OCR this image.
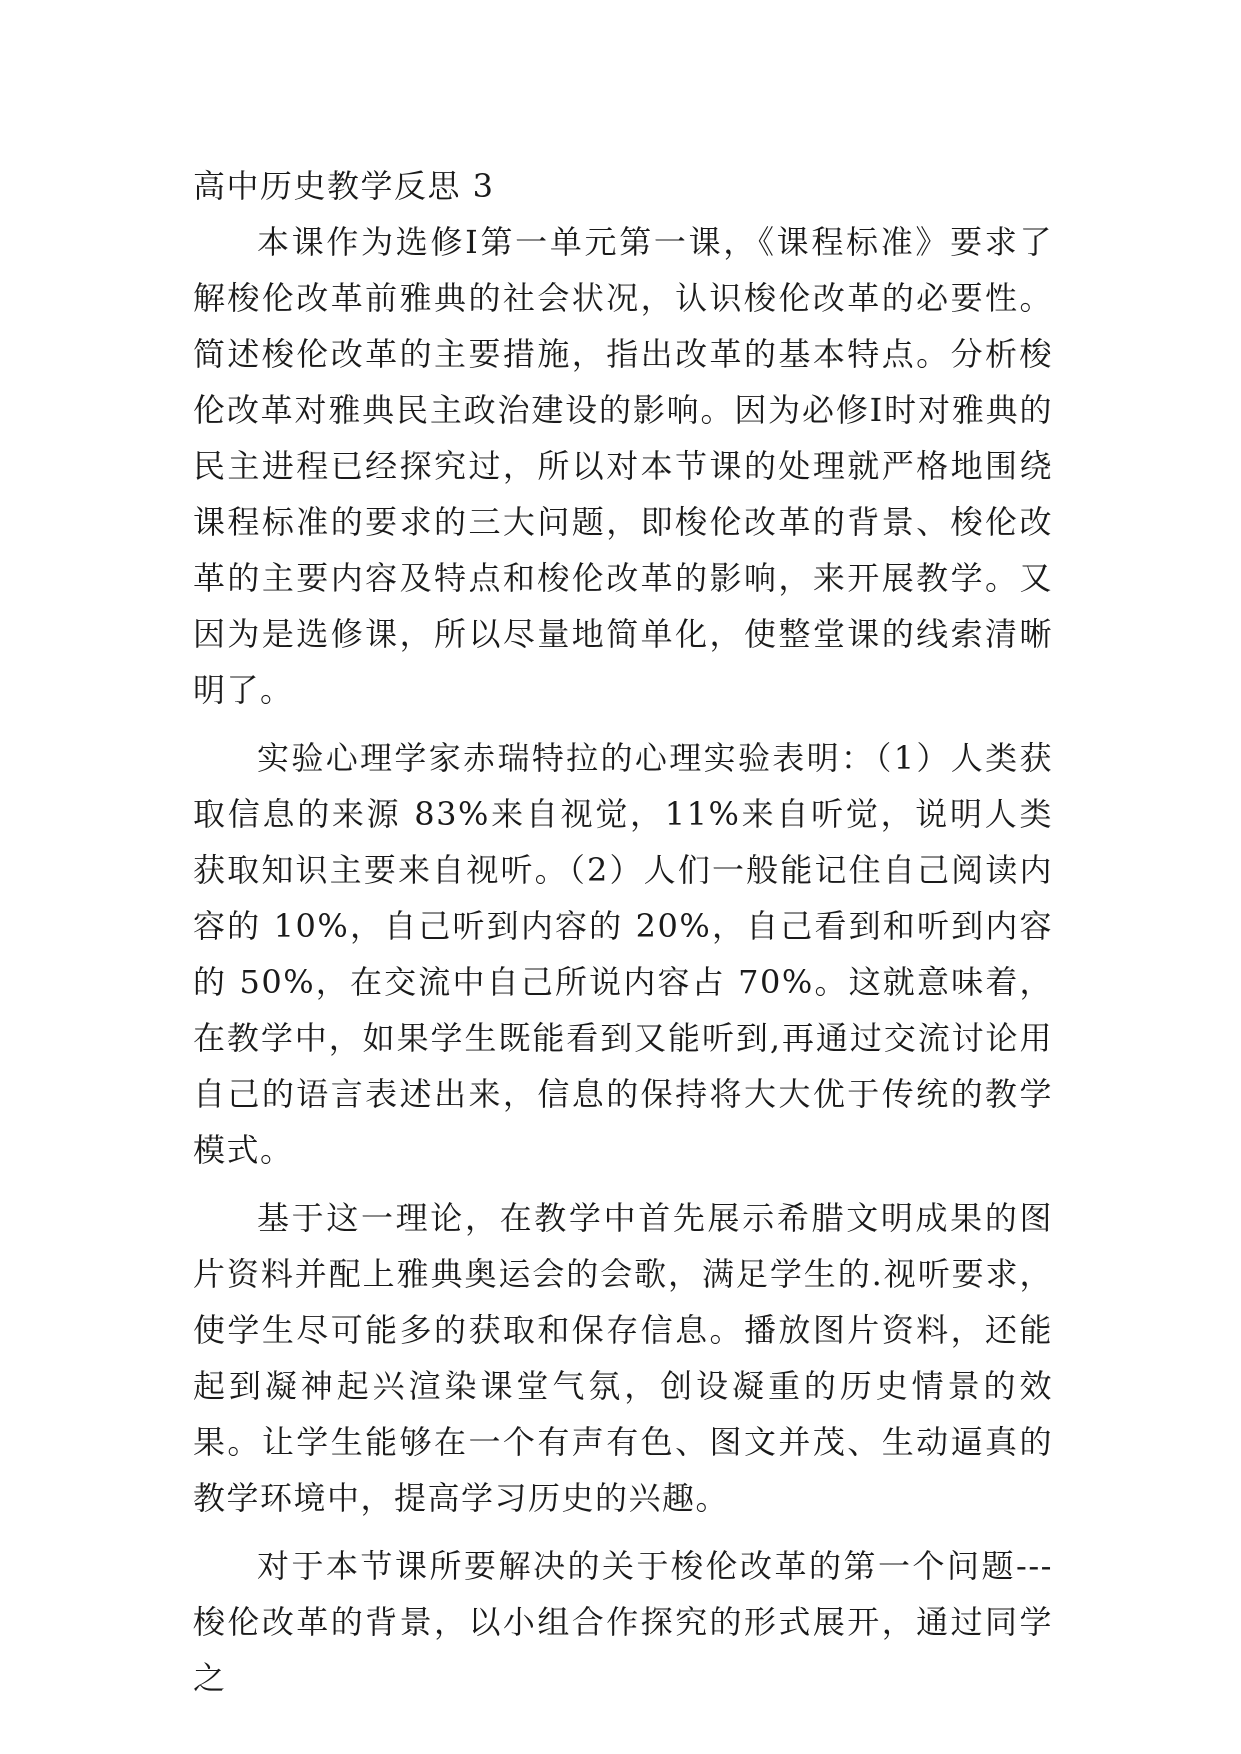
高中历史教学反思 3

本课作为选修Ⅰ第一单元第一课，《课程标准》要求了解梭伦改革前雅典的社会状况，认识梭伦改革的必要性。简述梭伦改革的主要措施，指出改革的基本特点。分析梭伦改革对雅典民主政治建设的影响。因为必修Ⅰ时对雅典的民主进程已经探究过，所以对本节课的处理就严格地围绕课程标准的要求的三大问题，即梭伦改革的背景、梭伦改革的主要内容及特点和梭伦改革的影响，来开展教学。又因为是选修课，所以尽量地简单化，使整堂课的线索清晰明了。

实验心理学家赤瑞特拉的心理实验表明：（1）人类获取信息的来源 83%来自视觉，11%来自听觉，说明人类获取知识主要来自视听。（2）人们一般能记住自己阅读内容的 10%，自己听到内容的 20%，自己看到和听到内容的 50%，在交流中自己所说内容占 70%。这就意味着，在教学中，如果学生既能看到又能听到,再通过交流讨论用自己的语言表述出来，信息的保持将大大优于传统的教学模式。

基于这一理论，在教学中首先展示希腊文明成果的图片资料并配上雅典奥运会的会歌，满足学生的.视听要求，使学生尽可能多的获取和保存信息。播放图片资料，还能起到凝神起兴渲染课堂气氛，创设凝重的历史情景的效果。让学生能够在一个有声有色、图文并茂、生动逼真的教学环境中，提高学习历史的兴趣。

对于本节课所要解决的关于梭伦改革的第一个问题---梭伦改革的背景，以小组合作探究的形式展开，通过同学之
